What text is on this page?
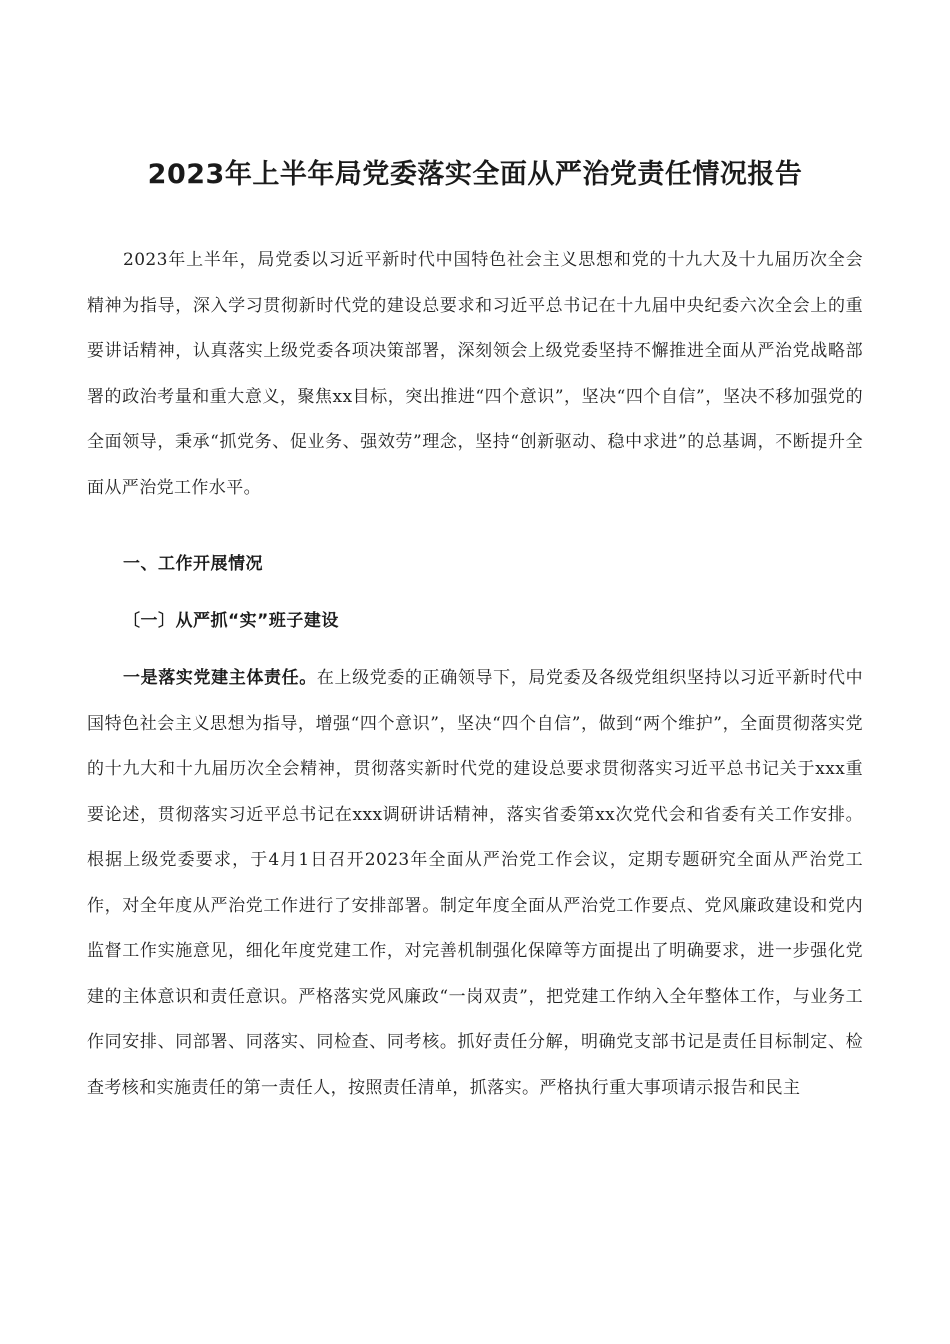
2023年上半年局党委落实全面从严治党责任情况报告

2023年上半年，局党委以习近平新时代中国特色社会主义思想和党的十九大及十九届历次全会精神为指导，深入学习贯彻新时代党的建设总要求和习近平总书记在十九届中央纪委六次全会上的重要讲话精神，认真落实上级党委各项决策部署，深刻领会上级党委坚持不懈推进全面从严治党战略部署的政治考量和重大意义，聚焦xx目标，突出推进“四个意识”，坚决“四个自信”，坚决不移加强党的全面领导，秉承“抓党务、促业务、强效劳”理念，坚持“创新驱动、稳中求进”的总基调，不断提升全面从严治党工作水平。

一、工作开展情况
〔一〕从严抓“实”班子建设

一是落实党建主体责任。在上级党委的正确领导下，局党委及各级党组织坚持以习近平新时代中国特色社会主义思想为指导，增强“四个意识”，坚决“四个自信”，做到“两个维护”，全面贯彻落实党的十九大和十九届历次全会精神，贯彻落实新时代党的建设总要求贯彻落实习近平总书记关于xxx重要论述，贯彻落实习近平总书记在xxx调研讲话精神，落实省委第xx次党代会和省委有关工作安排。根据上级党委要求，于4月1日召开2023年全面从严治党工作会议，定期专题研究全面从严治党工作，对全年度从严治党工作进行了安排部署。制定年度全面从严治党工作要点、党风廉政建设和党内监督工作实施意见，细化年度党建工作，对完善机制强化保障等方面提出了明确要求，进一步强化党建的主体意识和责任意识。严格落实党风廉政“一岗双责”，把党建工作纳入全年整体工作，与业务工作同安排、同部署、同落实、同检查、同考核。抓好责任分解，明确党支部书记是责任目标制定、检查考核和实施责任的第一责任人，按照责任清单，抓落实。严格执行重大事项请示报告和民主
